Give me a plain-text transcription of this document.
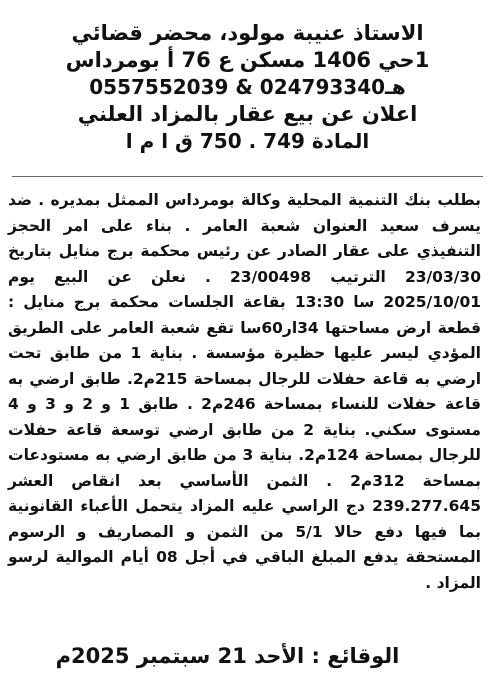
الاستاذ عنيبة مولود، محضر قضائي
1حي 1406 مسكن ع 76 أ بومرداس
هـ024793340 & 0557552039
اعلان عن بيع عقار بالمزاد العلني
المادة 749 . 750 ق ا م ا
بطلب بنك التنمية المحلية وكالة بومرداس الممثل بمديره . ضد يسرف سعيد العنوان شعبة العامر . بناء على امر الحجز التنفيذي على عقار الصادر عن رئيس محكمة برج منايل بتاريخ 23/03/30 الترتيب 23/00498 . نعلن عن البيع يوم 2025/10/01 سا 13:30 بقاعة الجلسات محكمة برج منايل : قطعة ارض مساحتها 34ار60سا تقع شعبة العامر على الطريق المؤدي ليسر عليها حظيرة مؤسسة . بناية 1 من طابق تحت ارضي به قاعة حفلات للرجال بمساحة 215م2. طابق ارضي به قاعة حفلات للنساء بمساحة 246م2 . طابق 1 و 2 و 3 و 4 مستوى سكني. بناية 2 من طابق ارضي توسعة قاعة حفلات للرجال بمساحة 124م2. بناية 3 من طابق ارضي به مستودعات بمساحة 312م2 . الثمن الأساسي بعد انقاص العشر 239.277.645 دج الراسي عليه المزاد يتحمل الأعباء القانونية بما فيها دفع حالا 5/1 من الثمن و المصاريف و الرسوم المستحقة يدفع المبلغ الباقي في أجل 08 أيام الموالية لرسو المزاد .
الوقائع : الأحد 21 سبتمبر 2025م
